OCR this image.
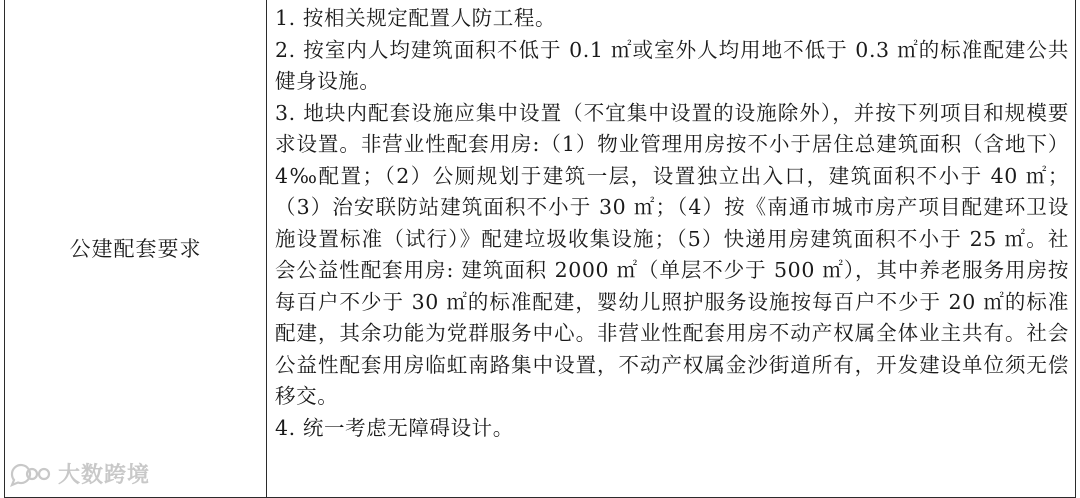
公建配套要求

1. 按相关规定配置人防工程。

2. 按室内人均建筑面积不低于 0.1 ㎡或室外人均用地不低于 0.3 ㎡的标准配建公共健身设施。

3. 地块内配套设施应集中设置（不宜集中设置的设施除外），并按下列项目和规模要求设置。非营业性配套用房:（1）物业管理用房按不小于居住总建筑面积（含地下）4‰配置；（2）公厕规划于建筑一层，设置独立出入口，建筑面积不小于 40 ㎡；（3）治安联防站建筑面积不小于 30 ㎡；（4）按《南通市城市房产项目配建环卫设施设置标准（试行）》配建垃圾收集设施；（5）快递用房建筑面积不小于 25 ㎡。社会公益性配套用房: 建筑面积 2000 ㎡（单层不少于 500 ㎡），其中养老服务用房按每百户不少于 30 ㎡的标准配建，婴幼儿照护服务设施按每百户不少于 20 ㎡的标准配建，其余功能为党群服务中心。非营业性配套用房不动产权属全体业主共有。社会公益性配套用房临虹南路集中设置，不动产权属金沙街道所有，开发建设单位须无偿移交。

4. 统一考虑无障碍设计。

大数跨境
